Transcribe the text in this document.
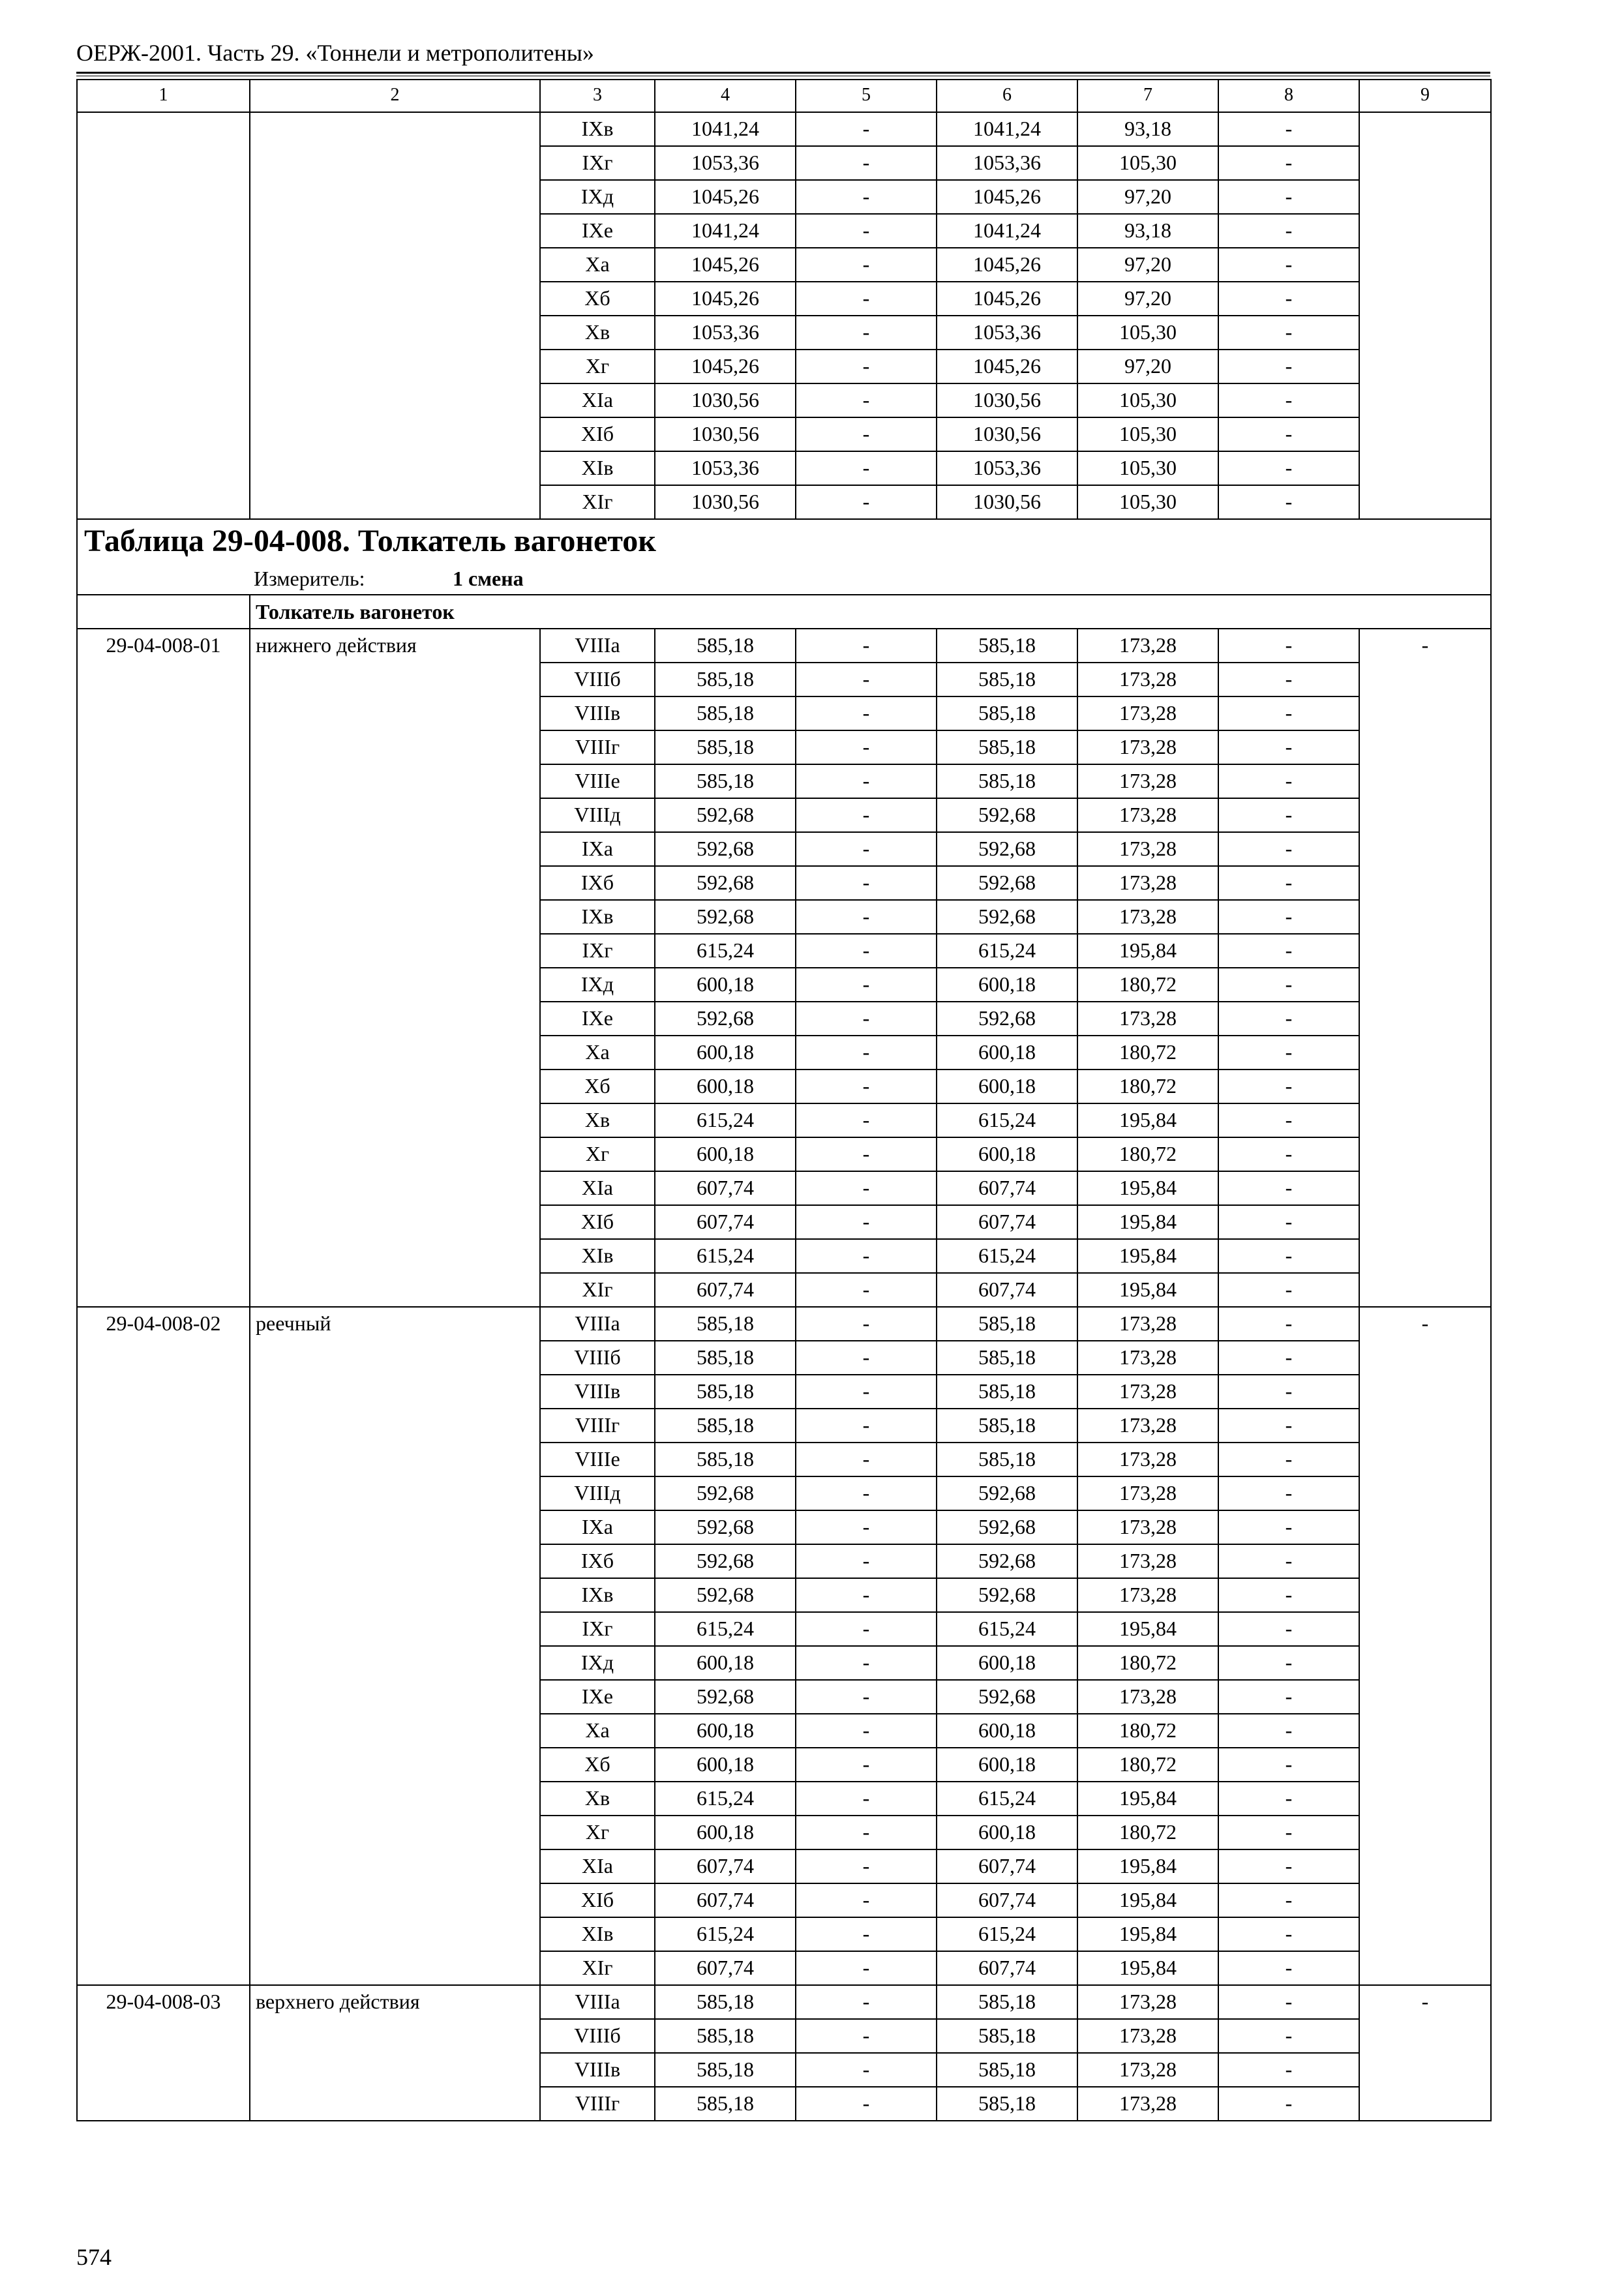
ОЕРЖ-2001. Часть 29. «Тоннели и метрополитены»
1	2	3	4	5	6	7	8	9
		IXв	1041,24	-	1041,24	93,18	-	
		IXг	1053,36	-	1053,36	105,30	-	
		IXд	1045,26	-	1045,26	97,20	-	
		IXе	1041,24	-	1041,24	93,18	-	
		Xа	1045,26	-	1045,26	97,20	-	
		Xб	1045,26	-	1045,26	97,20	-	
		Xв	1053,36	-	1053,36	105,30	-	
		Xг	1045,26	-	1045,26	97,20	-	
		XIа	1030,56	-	1030,56	105,30	-	
		XIб	1030,56	-	1030,56	105,30	-	
		XIв	1053,36	-	1053,36	105,30	-	
		XIг	1030,56	-	1030,56	105,30	-	
Таблица 29-04-008. Толкатель вагонеток								
Измеритель: 1 смена								
	Толкатель вагонеток							
29-04-008-01	нижнего действия	VIIIа	585,18	-	585,18	173,28	-	-
		VIIIб	585,18	-	585,18	173,28	-	
		VIIIв	585,18	-	585,18	173,28	-	
		VIIIг	585,18	-	585,18	173,28	-	
		VIIIе	585,18	-	585,18	173,28	-	
		VIIIд	592,68	-	592,68	173,28	-	
		IXа	592,68	-	592,68	173,28	-	
		IXб	592,68	-	592,68	173,28	-	
		IXв	592,68	-	592,68	173,28	-	
		IXг	615,24	-	615,24	195,84	-	
		IXд	600,18	-	600,18	180,72	-	
		IXе	592,68	-	592,68	173,28	-	
		Xа	600,18	-	600,18	180,72	-	
		Xб	600,18	-	600,18	180,72	-	
		Xв	615,24	-	615,24	195,84	-	
		Xг	600,18	-	600,18	180,72	-	
		XIа	607,74	-	607,74	195,84	-	
		XIб	607,74	-	607,74	195,84	-	
		XIв	615,24	-	615,24	195,84	-	
		XIг	607,74	-	607,74	195,84	-	
29-04-008-02	реечный	VIIIа	585,18	-	585,18	173,28	-	-
		VIIIб	585,18	-	585,18	173,28	-	
		VIIIв	585,18	-	585,18	173,28	-	
		VIIIг	585,18	-	585,18	173,28	-	
		VIIIе	585,18	-	585,18	173,28	-	
		VIIIд	592,68	-	592,68	173,28	-	
		IXа	592,68	-	592,68	173,28	-	
		IXб	592,68	-	592,68	173,28	-	
		IXв	592,68	-	592,68	173,28	-	
		IXг	615,24	-	615,24	195,84	-	
		IXд	600,18	-	600,18	180,72	-	
		IXе	592,68	-	592,68	173,28	-	
		Xа	600,18	-	600,18	180,72	-	
		Xб	600,18	-	600,18	180,72	-	
		Xв	615,24	-	615,24	195,84	-	
		Xг	600,18	-	600,18	180,72	-	
		XIа	607,74	-	607,74	195,84	-	
		XIб	607,74	-	607,74	195,84	-	
		XIв	615,24	-	615,24	195,84	-	
		XIг	607,74	-	607,74	195,84	-	
29-04-008-03	верхнего действия	VIIIа	585,18	-	585,18	173,28	-	-
		VIIIб	585,18	-	585,18	173,28	-	
		VIIIв	585,18	-	585,18	173,28	-	
		VIIIг	585,18	-	585,18	173,28	-	
574
